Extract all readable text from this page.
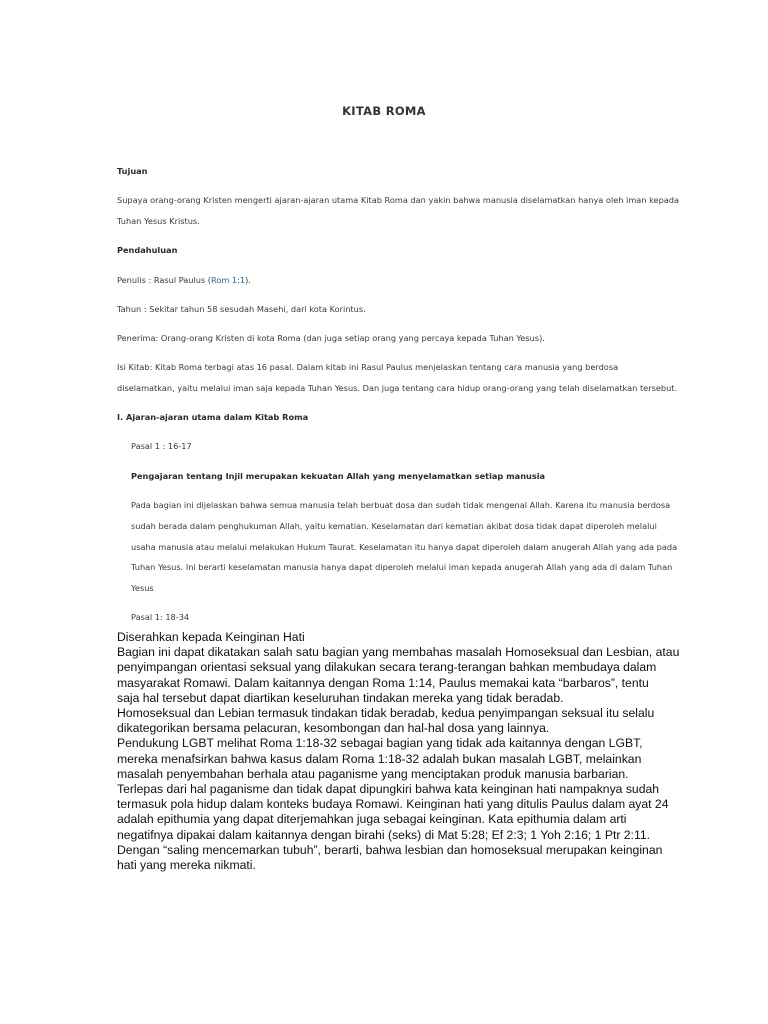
KITAB ROMA
Tujuan
Supaya orang-orang Kristen mengerti ajaran-ajaran utama Kitab Roma dan yakin bahwa manusia diselamatkan hanya oleh iman kepada
Tuhan Yesus Kristus.
Pendahuluan
Penulis : Rasul Paulus (Rom 1:1).
Tahun : Sekitar tahun 58 sesudah Masehi, dari kota Korintus.
Penerima: Orang-orang Kristen di kota Roma (dan juga setiap orang yang percaya kepada Tuhan Yesus).
Isi Kitab: Kitab Roma terbagi atas 16 pasal. Dalam kitab ini Rasul Paulus menjelaskan tentang cara manusia yang berdosa
diselamatkan, yaitu melalui iman saja kepada Tuhan Yesus. Dan juga tentang cara hidup orang-orang yang telah diselamatkan tersebut.
I. Ajaran-ajaran utama dalam Kitab Roma
Pasal 1 : 16-17
Pengajaran tentang Injil merupakan kekuatan Allah yang menyelamatkan setiap manusia
Pada bagian ini dijelaskan bahwa semua manusia telah berbuat dosa dan sudah tidak mengenal Allah. Karena itu manusia berdosa
sudah berada dalam penghukuman Allah, yaitu kematian. Keselamatan dari kematian akibat dosa tidak dapat diperoleh melalui
usaha manusia atau melalui melakukan Hukum Taurat. Keselamatan itu hanya dapat diperoleh dalam anugerah Allah yang ada pada
Tuhan Yesus. Ini berarti keselamatan manusia hanya dapat diperoleh melalui iman kepada anugerah Allah yang ada di dalam Tuhan
Yesus
Pasal 1: 18-34
Diserahkan kepada Keinginan Hati
Bagian ini dapat dikatakan salah satu bagian yang membahas masalah Homoseksual dan Lesbian, atau
penyimpangan orientasi seksual yang dilakukan secara terang-terangan bahkan membudaya dalam
masyarakat Romawi. Dalam kaitannya dengan Roma 1:14, Paulus memakai kata “barbaros”, tentu
saja hal tersebut dapat diartikan keseluruhan tindakan mereka yang tidak beradab.
Homoseksual dan Lebian termasuk tindakan tidak beradab, kedua penyimpangan seksual itu selalu
dikategorikan bersama pelacuran, kesombongan dan hal-hal dosa yang lainnya.
Pendukung LGBT melihat Roma 1:18-32 sebagai bagian yang tidak ada kaitannya dengan LGBT,
mereka menafsirkan bahwa kasus dalam Roma 1:18-32 adalah bukan masalah LGBT, melainkan
masalah penyembahan berhala atau paganisme yang menciptakan produk manusia barbarian.
Terlepas dari hal paganisme dan tidak dapat dipungkiri bahwa kata keinginan hati nampaknya sudah
termasuk pola hidup dalam konteks budaya Romawi. Keinginan hati yang ditulis Paulus dalam ayat 24
adalah epithumia yang dapat diterjemahkan juga sebagai keinginan. Kata epithumia dalam arti
negatifnya dipakai dalam kaitannya dengan birahi (seks) di Mat 5:28; Ef 2:3; 1 Yoh 2:16; 1 Ptr 2:11.
Dengan “saling mencemarkan tubuh”, berarti, bahwa lesbian dan homoseksual merupakan keinginan
hati yang mereka nikmati.
